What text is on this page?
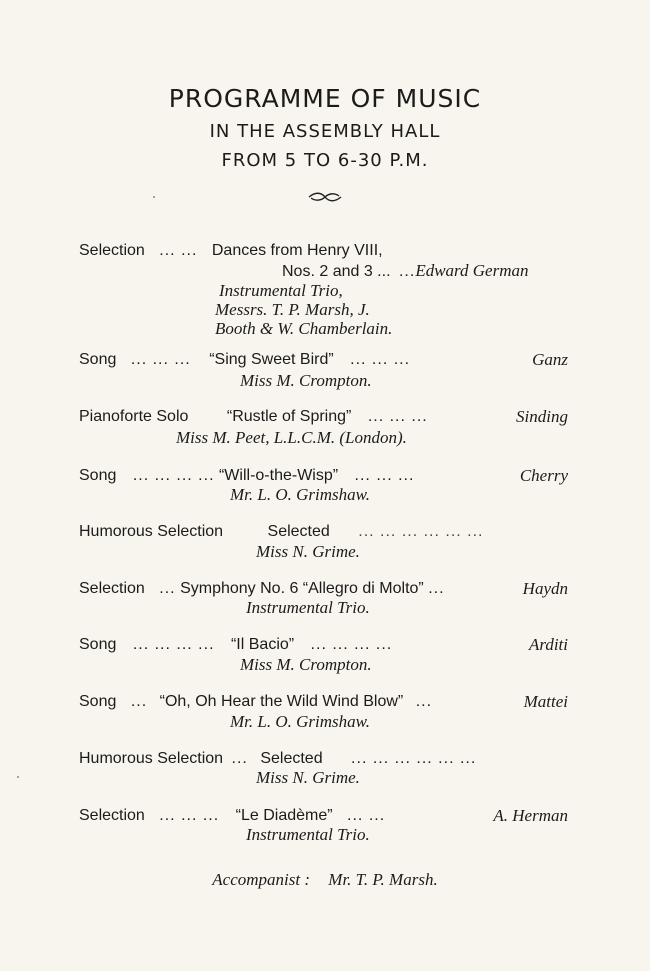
PROGRAMME OF MUSIC
IN THE ASSEMBLY HALL
FROM 5 TO 6-30 P.M.
Selection ... ... Dances from Henry VIII,
Nos. 2 and 3 ... ...Edward German
Instrumental Trio,
Messrs. T. P. Marsh, J.
Booth & W. Chamberlain.
Song ... ... ... “Sing Sweet Bird” ... ... ...	Ganz
Miss M. Crompton.
Pianoforte Solo “Rustle of Spring” ... ... ...	Sinding
Miss M. Peet, L.L.C.M. (London).
Song ... ... ... ... “Will-o-the-Wisp” ... ... ...	Cherry
Mr. L. O. Grimshaw.
Humorous Selection	Selected ... ... ... ... ... ...
Miss N. Grime.
Selection ... Symphony No. 6 “Allegro di Molto” ...	Haydn
Instrumental Trio.
Song ... ... ... ... “Il Bacio” ... ... ... ...	Arditi
Miss M. Crompton.
Song ... “Oh, Oh Hear the Wild Wind Blow” ...	Mattei
Mr. L. O. Grimshaw.
Humorous Selection ... Selected ... ... ... ... ... ...
Miss N. Grime.
Selection ... ... ... “Le Diadème” ... ...	A. Herman
Instrumental Trio.
Accompanist : Mr. T. P. Marsh.
